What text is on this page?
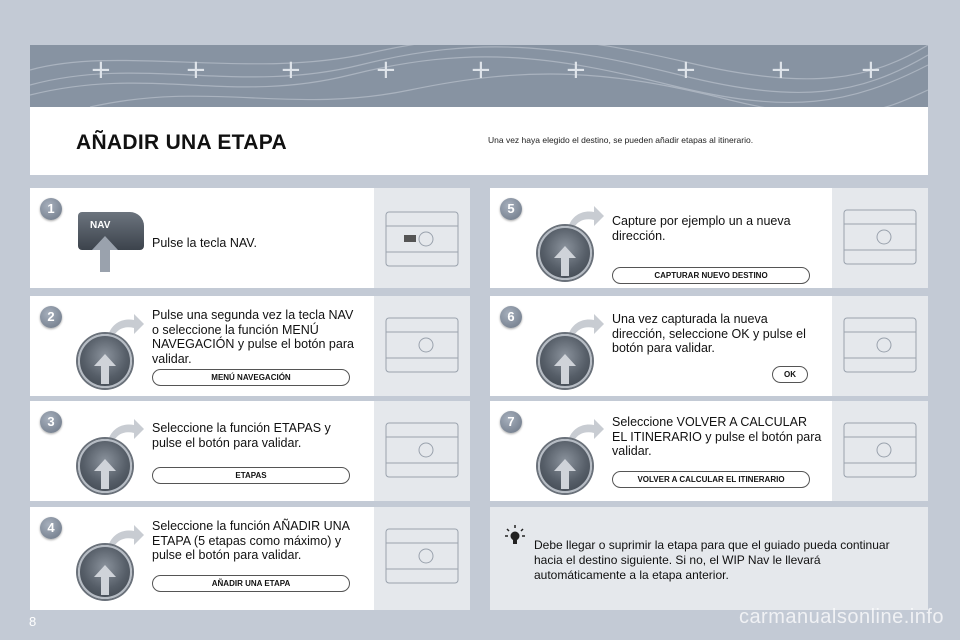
+	+	+	+	+	+	+	+	+
AÑADIR UNA ETAPA	Una vez haya elegido el destino, se pueden añadir etapas al itinerario.
1
NAV
Pulse la tecla NAV.
2	Pulse una segunda vez la tecla NAV o seleccione la función MENÚ NAVEGACIÓN y pulse el botón para validar.
MENÚ NAVEGACIÓN
3	Seleccione la función ETAPAS y pulse el botón para validar.
ETAPAS
4	Seleccione la función AÑADIR UNA ETAPA (5 etapas como máximo) y pulse el botón para validar.
AÑADIR UNA ETAPA
5
Capture por ejemplo un a nueva dirección.
CAPTURAR NUEVO DESTINO
6	Una vez capturada la nueva dirección, seleccione OK y pulse el botón para validar.
OK
7	Seleccione VOLVER A CALCULAR EL ITINERARIO y pulse el botón para validar.
VOLVER A CALCULAR EL ITINERARIO
Debe llegar o suprimir la etapa para que el guiado pueda continuar hacia el destino siguiente. Si no, el WIP Nav le llevará automáticamente a la etapa anterior.
8	carmanualsonline.info
